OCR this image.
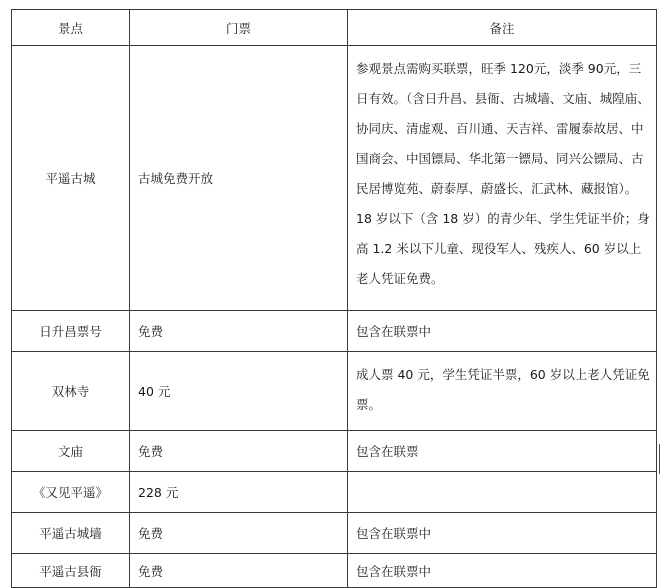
景点	门票	备注
平遥古城	古城免费开放	参观景点需购买联票，旺季 120元，淡季 90元，三日有效。（含日升昌、县衙、古城墙、文庙、城隍庙、协同庆、清虚观、百川通、天吉祥、雷履泰故居、中国商会、中国镖局、华北第一镖局、同兴公镖局、古民居博览苑、蔚泰厚、蔚盛长、汇武林、藏报馆）。18 岁以下（含 18 岁）的青少年、学生凭证半价；身高 1.2 米以下儿童、现役军人、残疾人、60 岁以上老人凭证免费。
日升昌票号	免费	包含在联票中
双林寺	40 元	成人票 40 元，学生凭证半票，60 岁以上老人凭证免票。
文庙	免费	包含在联票
《又见平遥》	228 元	
平遥古城墙	免费	包含在联票中
平遥古县衙	免费	包含在联票中
